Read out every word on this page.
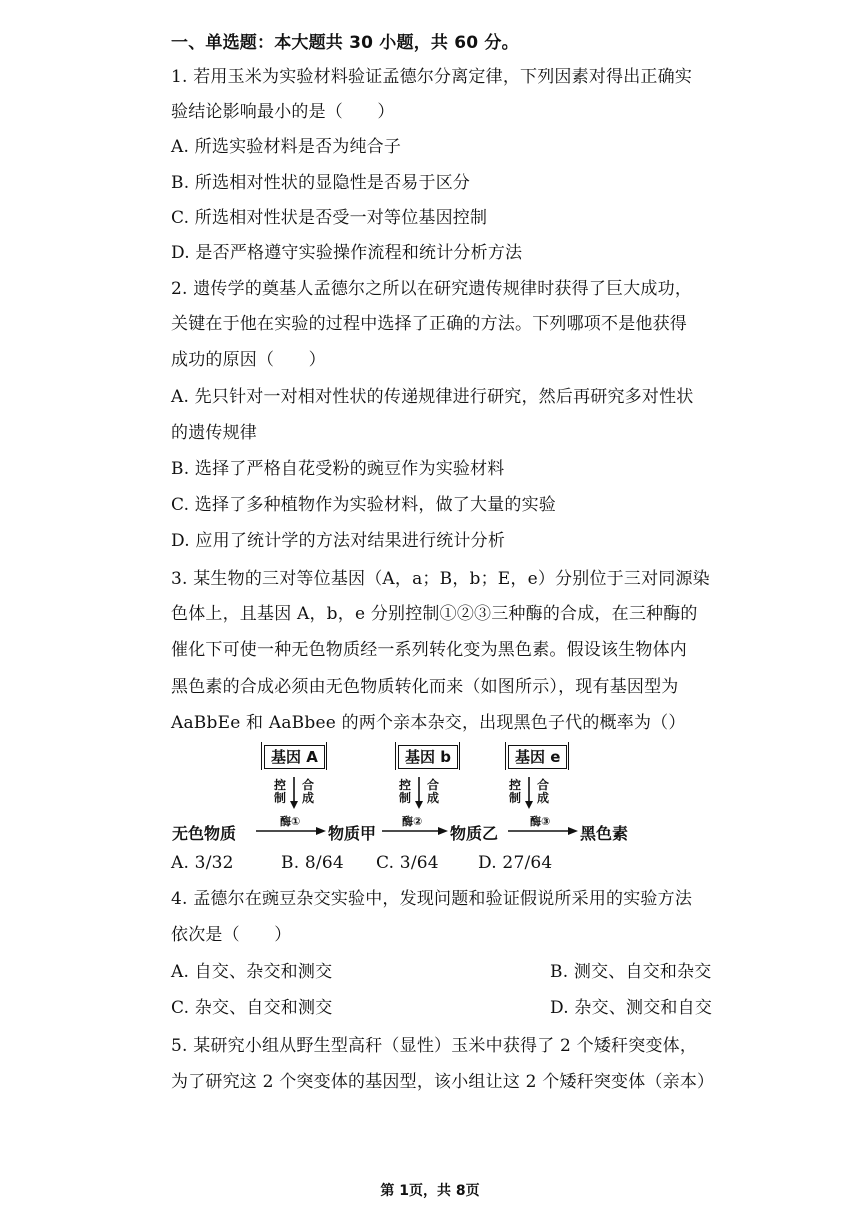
一、单选题：本大题共 30 小题，共 60 分。
1. 若用玉米为实验材料验证孟德尔分离定律，下列因素对得出正确实
验结论影响最小的是（　　）
A. 所选实验材料是否为纯合子
B. 所选相对性状的显隐性是否易于区分
C. 所选相对性状是否受一对等位基因控制
D. 是否严格遵守实验操作流程和统计分析方法
2. 遗传学的奠基人孟德尔之所以在研究遗传规律时获得了巨大成功，
关键在于他在实验的过程中选择了正确的方法。下列哪项不是他获得
成功的原因（　　）
A. 先只针对一对相对性状的传递规律进行研究，然后再研究多对性状
的遗传规律
B. 选择了严格自花受粉的豌豆作为实验材料
C. 选择了多种植物作为实验材料，做了大量的实验
D. 应用了统计学的方法对结果进行统计分析
3. 某生物的三对等位基因（A，a；B，b；E，e）分别位于三对同源染
色体上，且基因 A，b，e 分别控制①②③三种酶的合成，在三种酶的
催化下可使一种无色物质经一系列转化变为黑色素。假设该生物体内
黑色素的合成必须由无色物质转化而来（如图所示），现有基因型为
AaBbEe 和 AaBbee 的两个亲本杂交，出现黑色子代的概率为（）
基因 A	基因 b	基因 e
控
制
合
成
控
制
合
成
控
制
合
成
无色物质
酶①
物质甲
酶②
物质乙
酶③
黑色素
A. 3/32	B. 8/64 C. 3/64 D. 27/64
4. 孟德尔在豌豆杂交实验中，发现问题和验证假说所采用的实验方法
依次是（　　）
A. 自交、杂交和测交	B. 测交、自交和杂交
C. 杂交、自交和测交	D. 杂交、测交和自交
5. 某研究小组从野生型高秆（显性）玉米中获得了 2 个矮秆突变体，
为了研究这 2 个突变体的基因型，该小组让这 2 个矮秆突变体（亲本）
第 1页，共 8页
